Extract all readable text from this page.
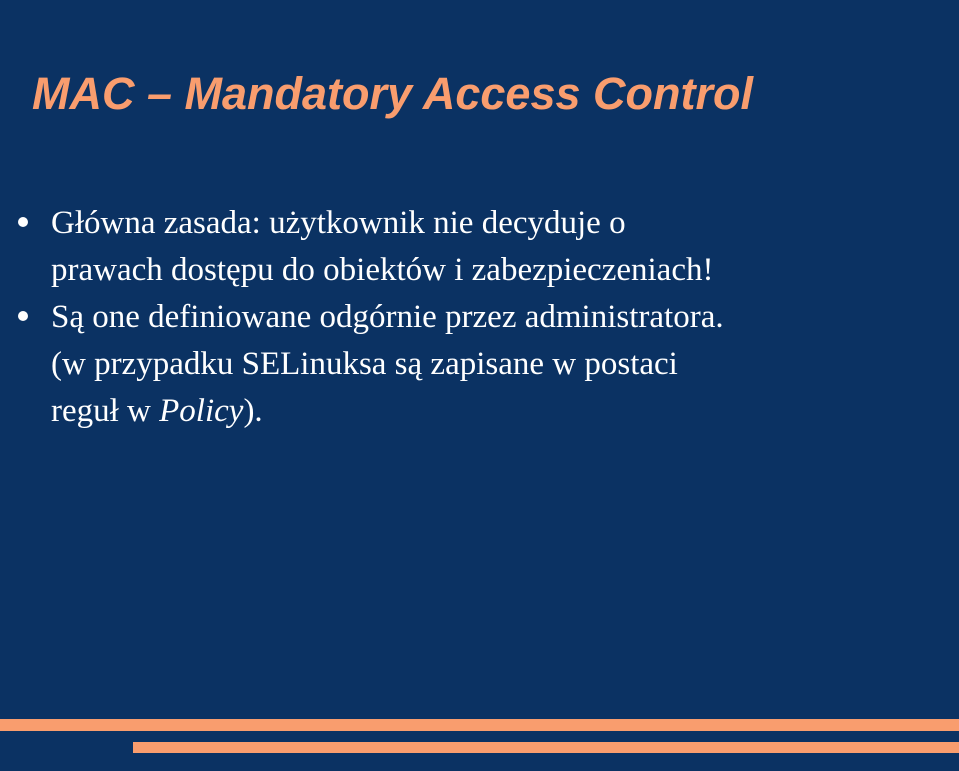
MAC – Mandatory Access Control
Główna zasada: użytkownik nie decyduje o
prawach dostępu do obiektów i zabezpieczeniach!
Są one definiowane odgórnie przez administratora.
(w przypadku SELinuksa są zapisane w postaci
reguł w Policy).
